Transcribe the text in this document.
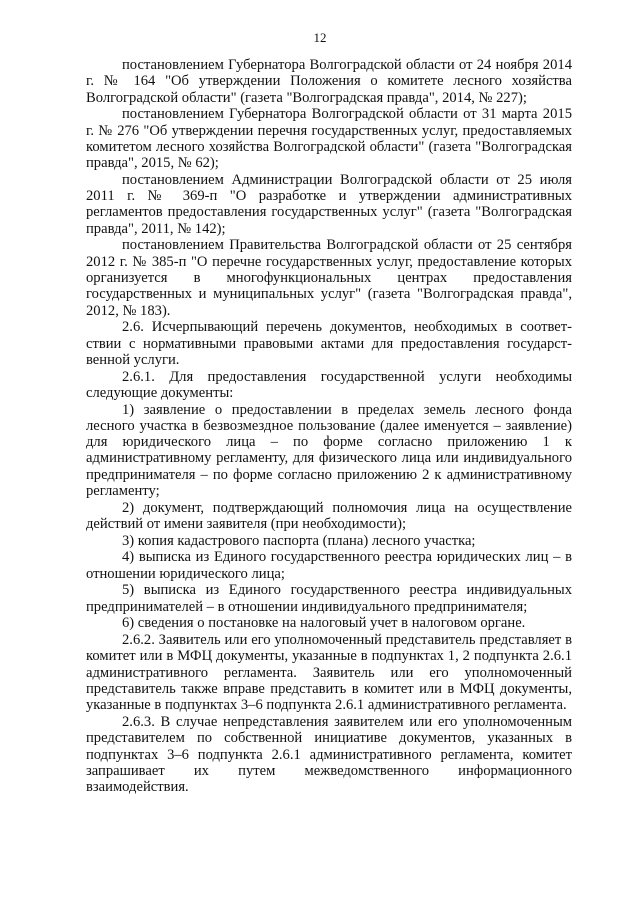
12

постановлением Губернатора Волгоградской области от 24 ноября 2014 г. № 164 "Об утверждении Положения о комитете лесного хозяйства Волгоградской области" (газета "Волгоградская правда", 2014, № 227);

постановлением Губернатора Волгоградской области от 31 марта 2015 г. № 276 "Об утверждении перечня государственных услуг, предоставляемых комитетом лесного хозяйства Волгоградской области" (газета "Волгоградская правда", 2015, № 62);

постановлением Администрации Волгоградской области от 25 июля 2011 г. № 369-п "О разработке и утверждении административных регламентов предоставления государственных услуг" (газета "Волгоградская правда", 2011, № 142);

постановлением Правительства Волгоградской области от 25 сентября 2012 г. № 385-п "О перечне государственных услуг, предоставление которых организуется в многофункциональных центрах предоставления государственных и муниципальных услуг" (газета "Волгоградская правда", 2012, № 183).

2.6. Исчерпывающий перечень документов, необходимых в соответствии с нормативными правовыми актами для предоставления государственной услуги.

2.6.1. Для предоставления государственной услуги необходимы следующие документы:

1) заявление о предоставлении в пределах земель лесного фонда лесного участка в безвозмездное пользование (далее именуется – заявление) для юридического лица – по форме согласно приложению 1 к административному регламенту, для физического лица или индивидуального предпринимателя – по форме согласно приложению 2 к административному регламенту;

2) документ, подтверждающий полномочия лица на осуществление действий от имени заявителя (при необходимости);

3) копия кадастрового паспорта (плана) лесного участка;

4) выписка из Единого государственного реестра юридических лиц – в отношении юридического лица;

5) выписка из Единого государственного реестра индивидуальных предпринимателей – в отношении индивидуального предпринимателя;

6) сведения о постановке на налоговый учет в налоговом органе.

2.6.2. Заявитель или его уполномоченный представитель представляет в комитет или в МФЦ документы, указанные в подпунктах 1, 2 подпункта 2.6.1 административного регламента. Заявитель или его уполномоченный представитель также вправе представить в комитет или в МФЦ документы, указанные в подпунктах 3–6 подпункта 2.6.1 административного регламента.

2.6.3. В случае непредставления заявителем или его уполномоченным представителем по собственной инициативе документов, указанных в подпунктах 3–6 подпункта 2.6.1 административного регламента, комитет запрашивает их путем межведомственного информационного взаимодействия.
